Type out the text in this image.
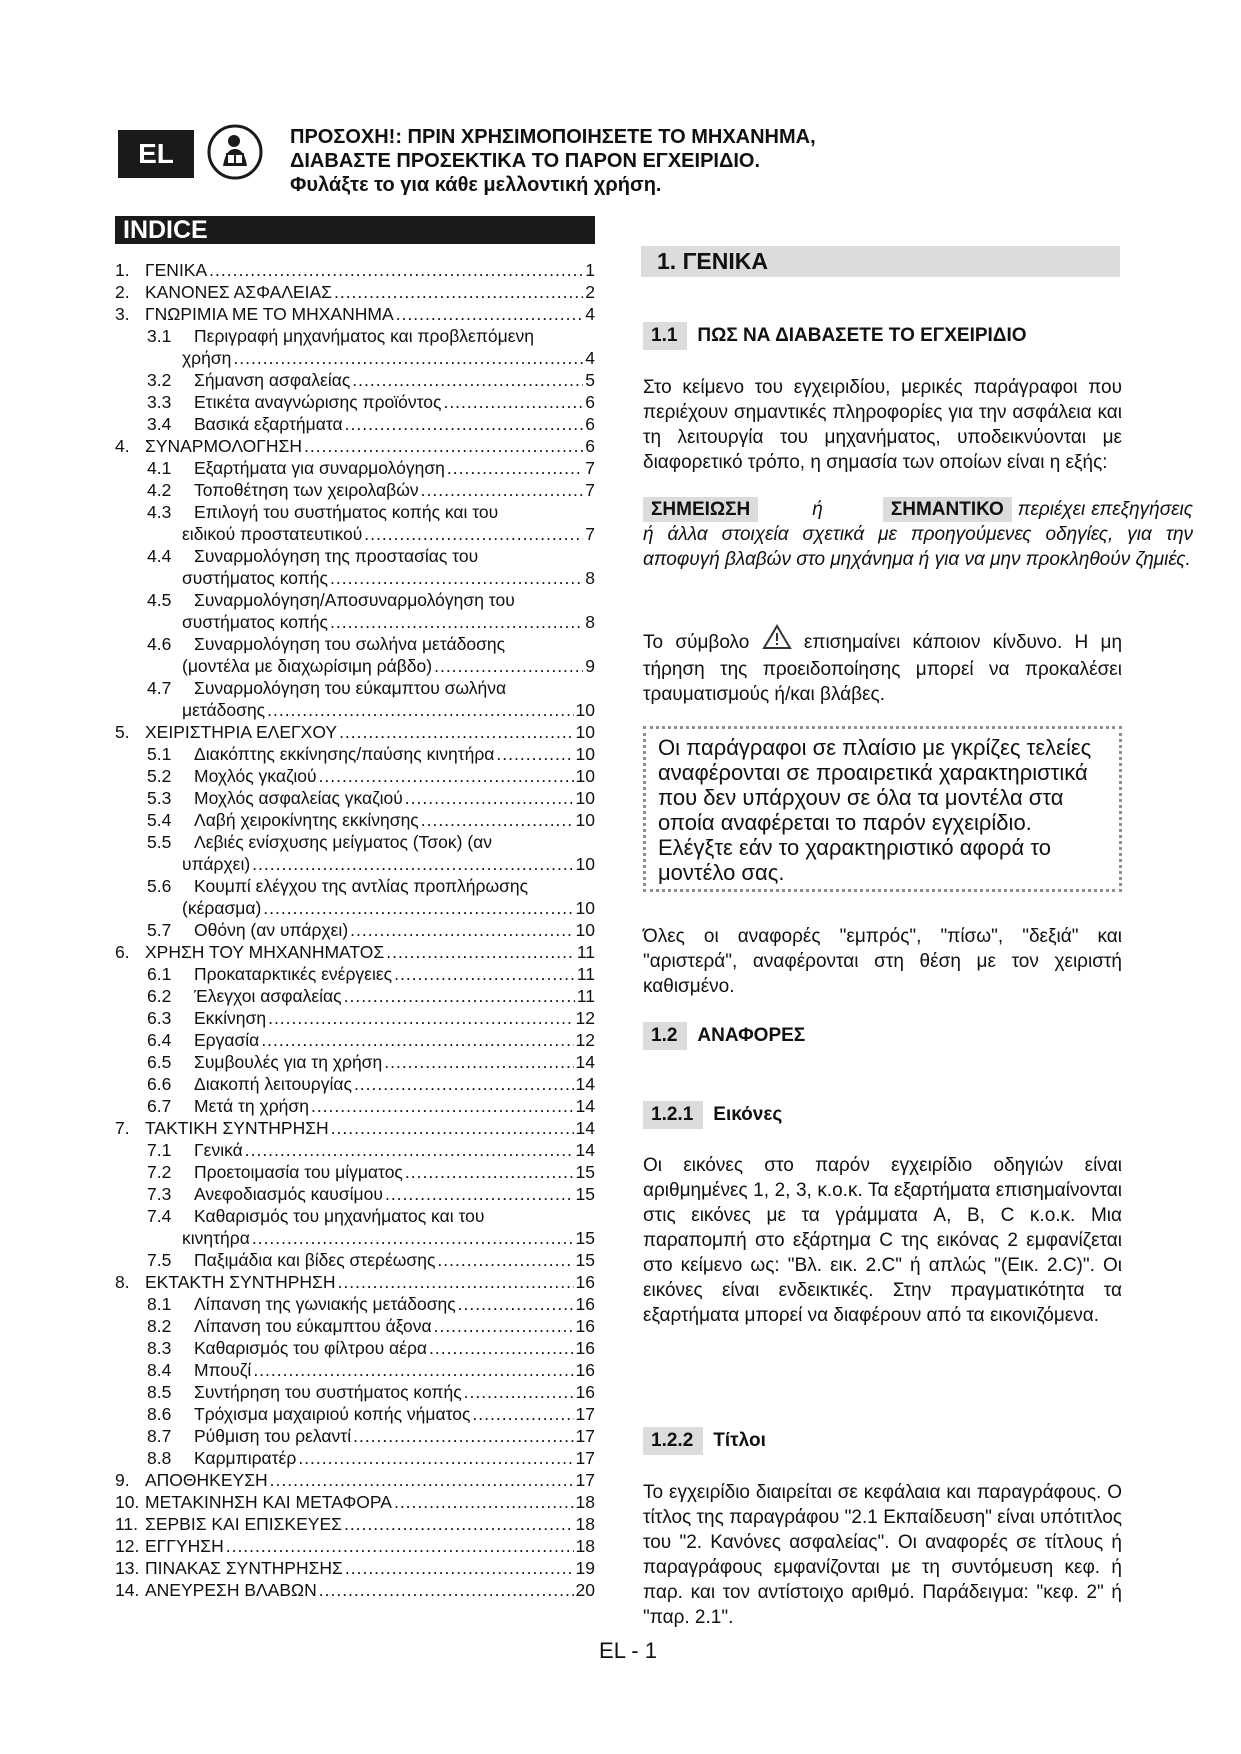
EL
ΠΡΟΣΟΧΗ!: ΠΡΙΝ ΧΡΗΣΙΜΟΠΟΙΗΣΕΤΕ ΤΟ ΜΗΧΑΝΗΜΑ,
ΔΙΑΒΑΣΤΕ ΠΡΟΣΕΚΤΙΚΑ ΤΟ ΠΑΡΟΝ ΕΓΧΕΙΡΙΔΙΟ.
Φυλάξτε το για κάθε μελλοντική χρήση.
INDICE
1. ΓΕΝΙΚΑ .....	1
2. ΚΑΝΟΝΕΣ ΑΣΦΑΛΕΙΑΣ .....	2
3. ΓΝΩΡΙΜΙΑ ΜΕ ΤΟ ΜΗΧΑΝΗΜΑ .....	4
3.1	Περιγραφή μηχανήματος και προβλεπόμενη
χρήση .....	4
3.2	Σήμανση ασφαλείας .....	5
3.3	Ετικέτα αναγνώρισης προϊόντος .....	6
3.4	Βασικά εξαρτήματα .....	6
4. ΣΥΝΑΡΜΟΛΟΓΗΣΗ .....	6
4.1	Εξαρτήματα για συναρμολόγηση .....	7
4.2	Τοποθέτηση των χειρολαβών .....	7
4.3	Επιλογή του συστήματος κοπής και του
ειδικού προστατευτικού .....	7
4.4	Συναρμολόγηση της προστασίας του
συστήματος κοπής .....	8
4.5	Συναρμολόγηση/Αποσυναρμολόγηση του
συστήματος κοπής .....	8
4.6	Συναρμολόγηση του σωλήνα μετάδοσης
(μοντέλα με διαχωρίσιμη ράβδο) .....	9
4.7	Συναρμολόγηση του εύκαμπτου σωλήνα
μετάδοσης .....	10
5. ΧΕΙΡΙΣΤΗΡΙΑ ΕΛΕΓΧΟΥ .....	10
5.1	Διακόπτης εκκίνησης/παύσης κινητήρα .....	10
5.2	Μοχλός γκαζιού .....	10
5.3	Μοχλός ασφαλείας γκαζιού .....	10
5.4	Λαβή χειροκίνητης εκκίνησης .....	10
5.5	Λεβιές ενίσχυσης μείγματος (Τσοκ) (αν
υπάρχει) .....	10
5.6	Κουμπί ελέγχου της αντλίας προπλήρωσης
(κέρασμα) .....	10
5.7	Οθόνη (αν υπάρχει) .....	10
6. ΧΡΗΣΗ ΤΟΥ ΜΗΧΑΝΗΜΑΤΟΣ .....	11
6.1	Προκαταρκτικές ενέργειες .....	11
6.2	Έλεγχοι ασφαλείας .....	11
6.3	Εκκίνηση .....	12
6.4	Εργασία .....	12
6.5	Συμβουλές για τη χρήση .....	14
6.6	Διακοπή λειτουργίας .....	14
6.7	Μετά τη χρήση .....	14
7. ΤΑΚΤΙΚΗ ΣΥΝΤΗΡΗΣΗ .....	14
7.1	Γενικά .....	14
7.2	Προετοιμασία του μίγματος .....	15
7.3	Ανεφοδιασμός καυσίμου .....	15
7.4	Καθαρισμός του μηχανήματος και του
κινητήρα .....	15
7.5	Παξιμάδια και βίδες στερέωσης .....	15
8. ΕΚΤΑΚΤΗ ΣΥΝΤΗΡΗΣΗ .....	16
8.1	Λίπανση της γωνιακής μετάδοσης .....	16
8.2	Λίπανση του εύκαμπτου άξονα .....	16
8.3	Καθαρισμός του φίλτρου αέρα .....	16
8.4	Μπουζί .....	16
8.5	Συντήρηση του συστήματος κοπής .....	16
8.6	Τρόχισμα μαχαιριού κοπής νήματος .....	17
8.7	Ρύθμιση του ρελαντί .....	17
8.8	Καρμπιρατέρ .....	17
9. ΑΠΟΘΗΚΕΥΣΗ .....	17
10. ΜΕΤΑΚΙΝΗΣΗ ΚΑΙ ΜΕΤΑΦΟΡΑ .....	18
11. ΣΕΡΒΙΣ ΚΑΙ ΕΠΙΣΚΕΥΕΣ .....	18
12. ΕΓΓΥΗΣΗ .....	18
13. ΠΙΝΑΚΑΣ ΣΥΝΤΗΡΗΣΗΣ .....	19
14. ΑΝΕΥΡΕΣΗ ΒΛΑΒΩΝ .....	20
1. ΓΕΝΙΚΑ
1.1	ΠΩΣ ΝΑ ΔΙΑΒΑΣΕΤΕ ΤΟ ΕΓΧΕΙΡΙΔΙΟ
Στο κείμενο του εγχειριδίου, μερικές παράγραφοι που περιέχουν σημαντικές πληροφορίες για την ασφάλεια και τη λειτουργία του μηχανήματος, υποδεικνύονται με διαφορετικό τρόπο, η σημασία των οποίων είναι η εξής:
ΣΗΜΕΙΩΣΗ	ή	ΣΗΜΑΝΤΙΚΟ περιέχει επεξηγήσεις ή άλλα στοιχεία σχετικά με προηγούμενες οδηγίες, για την αποφυγή βλαβών στο μηχάνημα ή για να μην προκληθούν ζημιές.
Το σύμβολο	επισημαίνει κάποιον κίνδυνο. Η μη τήρηση της προειδοποίησης μπορεί να προκαλέσει τραυματισμούς ή/και βλάβες.
Οι παράγραφοι σε πλαίσιο με γκρίζες τελείες αναφέρονται σε προαιρετικά χαρακτηριστικά που δεν υπάρχουν σε όλα τα μοντέλα στα οποία αναφέρεται το παρόν εγχειρίδιο. Ελέγξτε εάν το χαρακτηριστικό αφορά το μοντέλο σας.
Όλες οι αναφορές "εμπρός", "πίσω", "δεξιά" και "αριστερά", αναφέρονται στη θέση με τον χειριστή καθισμένο.
1.2	ΑΝΑΦΟΡΕΣ
1.2.1	Εικόνες
Οι εικόνες στο παρόν εγχειρίδιο οδηγιών είναι αριθμημένες 1, 2, 3, κ.ο.κ. Τα εξαρτήματα επισημαίνονται στις εικόνες με τα γράμματα A, B, C κ.ο.κ. Μια παραπομπή στο εξάρτημα C της εικόνας 2 εμφανίζεται στο κείμενο ως: "Βλ. εικ. 2.C" ή απλώς "(Εικ. 2.C)". Οι εικόνες είναι ενδεικτικές. Στην πραγματικότητα τα εξαρτήματα μπορεί να διαφέρουν από τα εικονιζόμενα.
1.2.2	Τίτλοι
Το εγχειρίδιο διαιρείται σε κεφάλαια και παραγράφους. Ο τίτλος της παραγράφου "2.1 Εκπαίδευση" είναι υπότιτλος του "2. Κανόνες ασφαλείας". Οι αναφορές σε τίτλους ή παραγράφους εμφανίζονται με τη συντόμευση κεφ. ή παρ. και τον αντίστοιχο αριθμό. Παράδειγμα: "κεφ. 2" ή "παρ. 2.1".
EL - 1
